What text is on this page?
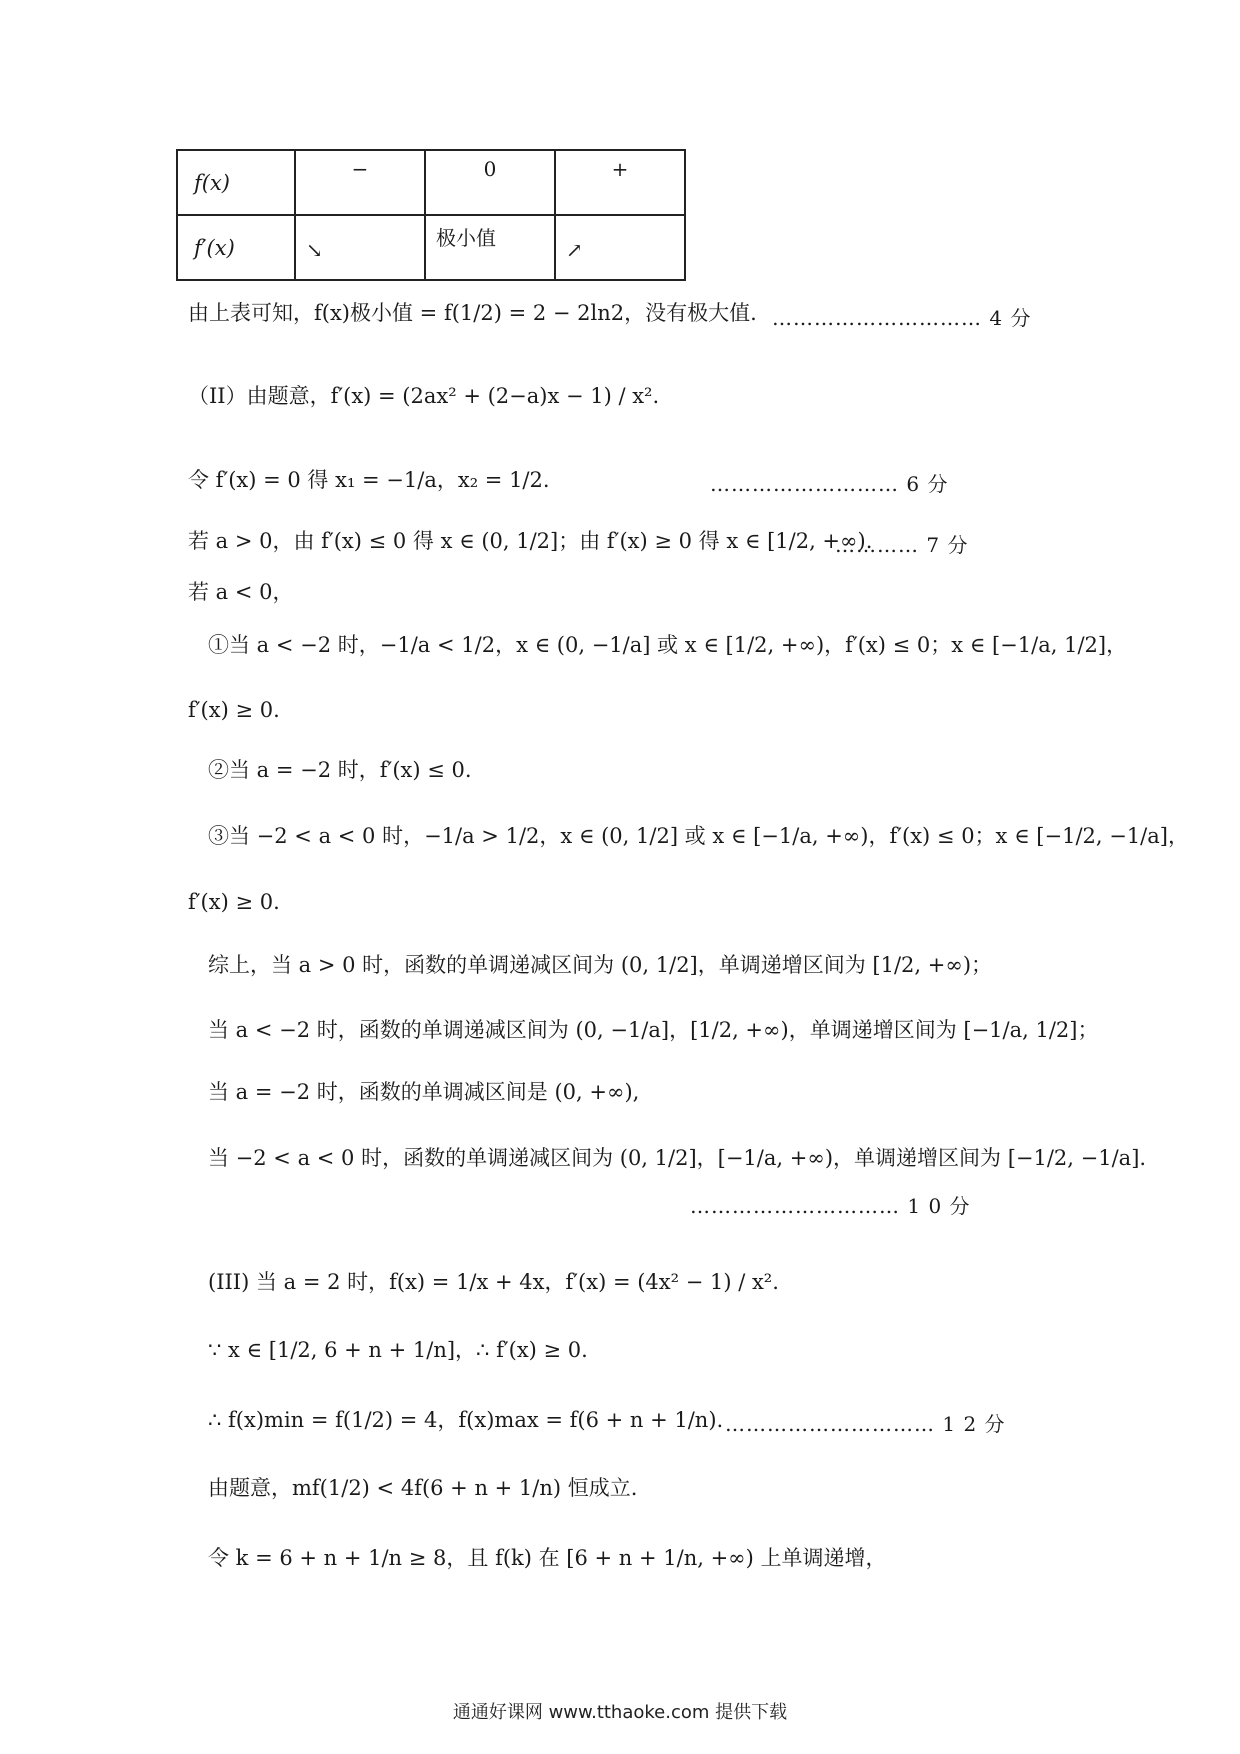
f(x)	−	0	+

f′(x)	↘	极小值	↗
由上表可知，f(x)极小值 = f(1/2) = 2 − 2ln2，没有极大值. ………………………… 4 分
（II）由题意，f′(x) = (2ax² + (2−a)x − 1) / x².
令 f′(x) = 0 得 x₁ = −1/a，x₂ = 1/2.	……………………… 6 分
若 a > 0，由 f′(x) ≤ 0 得 x ∈ (0, 1/2]；由 f′(x) ≥ 0 得 x ∈ [1/2, +∞).
………… 7 分
若 a < 0，
①当 a < −2 时，−1/a < 1/2，x ∈ (0, −1/a] 或 x ∈ [1/2, +∞)，f′(x) ≤ 0；x ∈ [−1/a, 1/2]，
f′(x) ≥ 0.
②当 a = −2 时，f′(x) ≤ 0.
③当 −2 < a < 0 时，−1/a > 1/2，x ∈ (0, 1/2] 或 x ∈ [−1/a, +∞)，f′(x) ≤ 0；x ∈ [−1/2, −1/a]，
f′(x) ≥ 0.
综上，当 a > 0 时，函数的单调递减区间为 (0, 1/2]，单调递增区间为 [1/2, +∞)；
当 a < −2 时，函数的单调递减区间为 (0, −1/a]，[1/2, +∞)，单调递增区间为 [−1/a, 1/2]；
当 a = −2 时，函数的单调减区间是 (0, +∞),
当 −2 < a < 0 时，函数的单调递减区间为 (0, 1/2]，[−1/a, +∞)，单调递增区间为 [−1/2, −1/a].
………………………… 1 0 分
(III) 当 a = 2 时，f(x) = 1/x + 4x，f′(x) = (4x² − 1) / x².
∵ x ∈ [1/2, 6 + n + 1/n]，∴ f′(x) ≥ 0.
∴ f(x)min = f(1/2) = 4，f(x)max = f(6 + n + 1/n). ………………………… 1 2 分
由题意，mf(1/2) < 4f(6 + n + 1/n) 恒成立.
令 k = 6 + n + 1/n ≥ 8，且 f(k) 在 [6 + n + 1/n, +∞) 上单调递增，
通通好课网 www.tthaoke.com 提供下载
